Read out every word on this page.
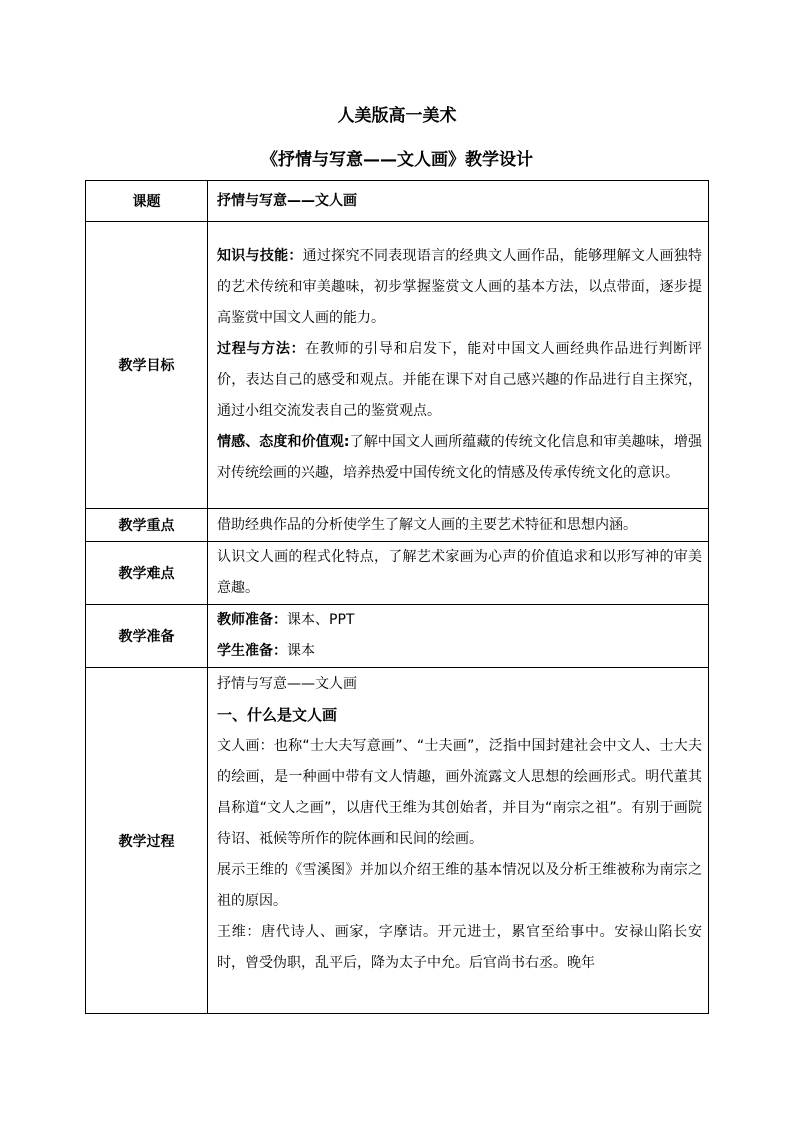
人美版高一美术
《抒情与写意——文人画》教学设计
课题	抒情与写意——文人画
教学目标	知识与技能：通过探究不同表现语言的经典文人画作品，能够理解文人画独特的艺术传统和审美趣味，初步掌握鉴赏文人画的基本方法，以点带面，逐步提高鉴赏中国文人画的能力。
过程与方法：在教师的引导和启发下，能对中国文人画经典作品进行判断评价，表达自己的感受和观点。并能在课下对自己感兴趣的作品进行自主探究，通过小组交流发表自己的鉴赏观点。
情感、态度和价值观:了解中国文人画所蕴藏的传统文化信息和审美趣味，增强对传统绘画的兴趣，培养热爱中国传统文化的情感及传承传统文化的意识。

教学重点	借助经典作品的分析使学生了解文人画的主要艺术特征和思想内涵。
教学难点	认识文人画的程式化特点，了解艺术家画为心声的价值追求和以形写神的审美意趣。
教学准备	教师准备：课本、PPT
学生准备：课本

教学过程	抒情与写意——文人画
一、什么是文人画
文人画：也称“士大夫写意画”、“士夫画”，泛指中国封建社会中文人、士大夫的绘画，是一种画中带有文人情趣，画外流露文人思想的绘画形式。明代董其昌称道“文人之画”，以唐代王维为其创始者，并目为“南宗之祖”。有别于画院待诏、祗候等所作的院体画和民间的绘画。
展示王维的《雪溪图》并加以介绍王维的基本情况以及分析王维被称为南宗之祖的原因。
王维：唐代诗人、画家，字摩诘。开元进士，累官至给事中。安禄山陷长安时，曾受伪职，乱平后，降为太子中允。后官尚书右丞。晚年
